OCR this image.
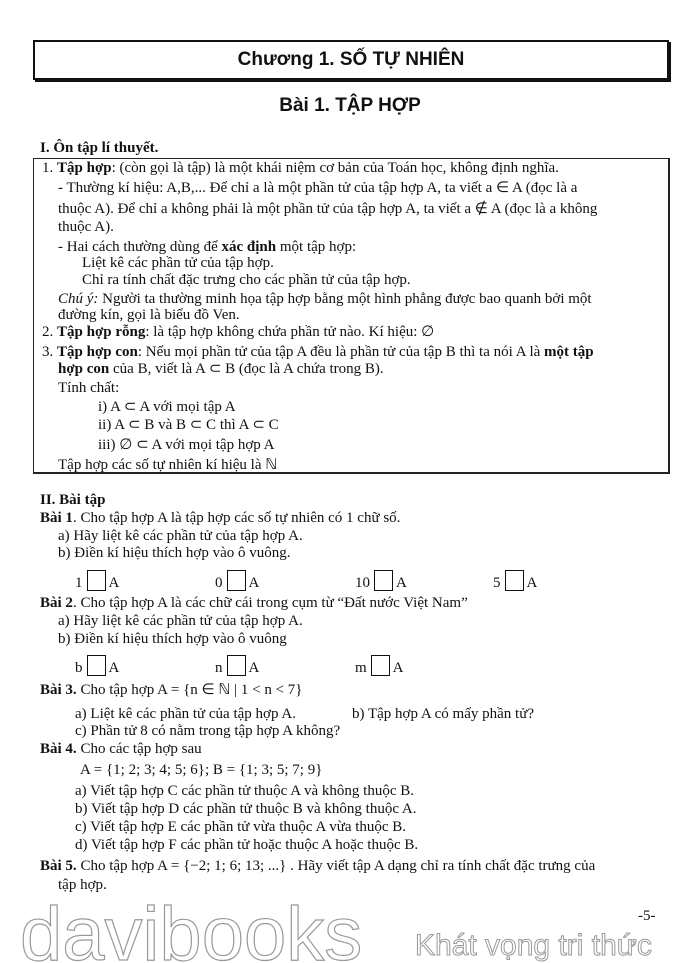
Chương 1. SỐ TỰ NHIÊN
Bài 1. TẬP HỢP
I. Ôn tập lí thuyết.
1. Tập hợp: (còn gọi là tập) là một khái niệm cơ bản của Toán học, không định nghĩa.
- Thường kí hiệu: A,B,... Để chỉ a là một phần tử của tập hợp A, ta viết a ∈ A (đọc là a
thuộc A). Để chỉ a không phải là một phần tử của tập hợp A, ta viết a ∉ A (đọc là a không
thuộc A).
- Hai cách thường dùng để xác định một tập hợp:
Liệt kê các phần tử của tập hợp.
Chỉ ra tính chất đặc trưng cho các phần tử của tập hợp.
Chú ý: Người ta thường minh họa tập hợp bằng một hình phẳng được bao quanh bởi một
đường kín, gọi là biểu đồ Ven.
2. Tập hợp rỗng: là tập hợp không chứa phần tử nào. Kí hiệu: ∅
3. Tập hợp con: Nếu mọi phần tử của tập A đều là phần tử của tập B thì ta nói A là một tập
hợp con của B, viết là A ⊂ B (đọc là A chứa trong B).
Tính chất:
i) A ⊂ A với mọi tập A
ii) A ⊂ B và B ⊂ C thì A ⊂ C
iii) ∅ ⊂ A với mọi tập hợp A
Tập hợp các số tự nhiên kí hiệu là ℕ
II. Bài tập
Bài 1. Cho tập hợp A là tập hợp các số tự nhiên có 1 chữ số.
a) Hãy liệt kê các phần tử của tập hợp A.
b) Điền kí hiệu thích hợp vào ô vuông.
1 A	0 A	10 A	5 A
Bài 2. Cho tập hợp A là các chữ cái trong cụm từ “Đất nước Việt Nam”
a) Hãy liệt kê các phần tử của tập hợp A.
b) Điền kí hiệu thích hợp vào ô vuông
b A	n A	m A
Bài 3. Cho tập hợp A = {n ∈ ℕ | 1 < n < 7}
a) Liệt kê các phần tử của tập hợp A.	b) Tập hợp A có mấy phần tử?
c) Phần tử 8 có nằm trong tập hợp A không?
Bài 4. Cho các tập hợp sau
A = {1; 2; 3; 4; 5; 6}; B = {1; 3; 5; 7; 9}
a) Viết tập hợp C các phần tử thuộc A và không thuộc B.
b) Viết tập hợp D các phần tử thuộc B và không thuộc A.
c) Viết tập hợp E các phần tử vừa thuộc A vừa thuộc B.
d) Viết tập hợp F các phần tử hoặc thuộc A hoặc thuộc B.
Bài 5. Cho tập hợp A = {−2; 1; 6; 13; ...} . Hãy viết tập A dạng chỉ ra tính chất đặc trưng của
tập hợp.
davibooks Khát vọng tri thức
-5-
